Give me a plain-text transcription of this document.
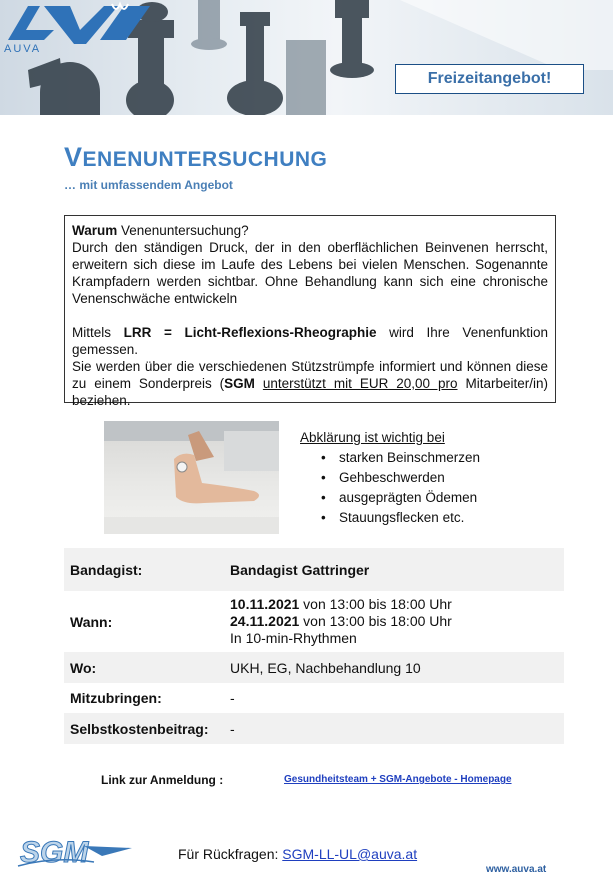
AUVA
Freizeitangebot!
VENENUNTERSUCHUNG
… mit umfassendem Angebot

Warum Venenuntersuchung?

Durch den ständigen Druck, der in den oberflächlichen Beinvenen herrscht, erweitern sich diese im Laufe des Lebens bei vielen Menschen. Sogenannte Krampfadern werden sichtbar. Ohne Behandlung kann sich eine chronische Venenschwäche entwickeln

Mittels LRR = Licht-Reflexions-Rheographie wird Ihre Venenfunktion gemessen.

Sie werden über die verschiedenen Stützstrümpfe informiert und können diese zu einem Sonderpreis (SGM unterstützt mit EUR 20,00 pro Mitarbeiter/in) beziehen.

Abklärung ist wichtig bei
• starken Beinschmerzen
• Gehbeschwerden
• ausgeprägten Ödemen
• Stauungsflecken etc.
Bandagist:	Bandagist Gattringer
Wann:	10.11.2021 von 13:00 bis 18:00 Uhr
24.11.2021 von 13:00 bis 18:00 Uhr
In 10-min-Rhythmen
Wo:	UKH, EG, Nachbehandlung 10
Mitzubringen:	-
Selbstkostenbeitrag:	-
Link zur Anmeldung :	Gesundheitsteam + SGM-Angebote - Homepage
SGM	Für Rückfragen: SGM-LL-UL@auva.at
www.auva.at
